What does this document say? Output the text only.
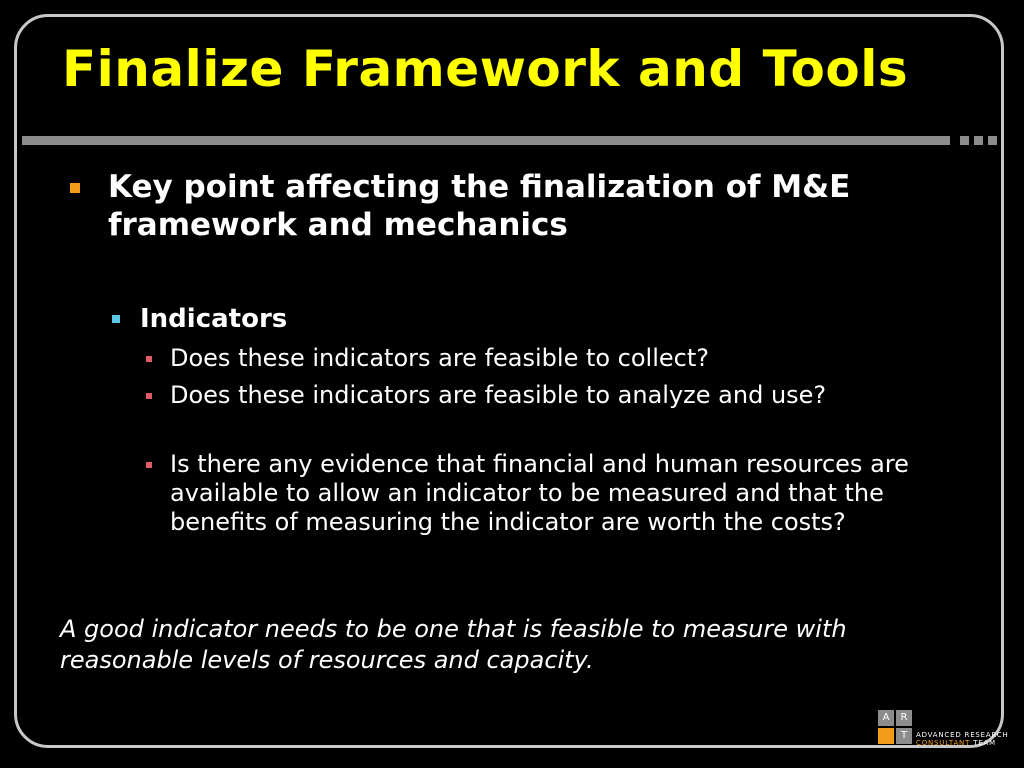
Finalize Framework and Tools
Key point affecting the finalization of M&E framework and mechanics
Indicators
Does these indicators are feasible to collect?
Does these indicators are feasible to analyze and use?
Is there any evidence that financial and human resources are available to allow an indicator to be measured and that the benefits of measuring the indicator are worth the costs?
A good indicator needs to be one that is feasible to measure with reasonable levels of resources and capacity.
A	R
T	ADVANCED RESEARCH
CONSULTANT TEAM
